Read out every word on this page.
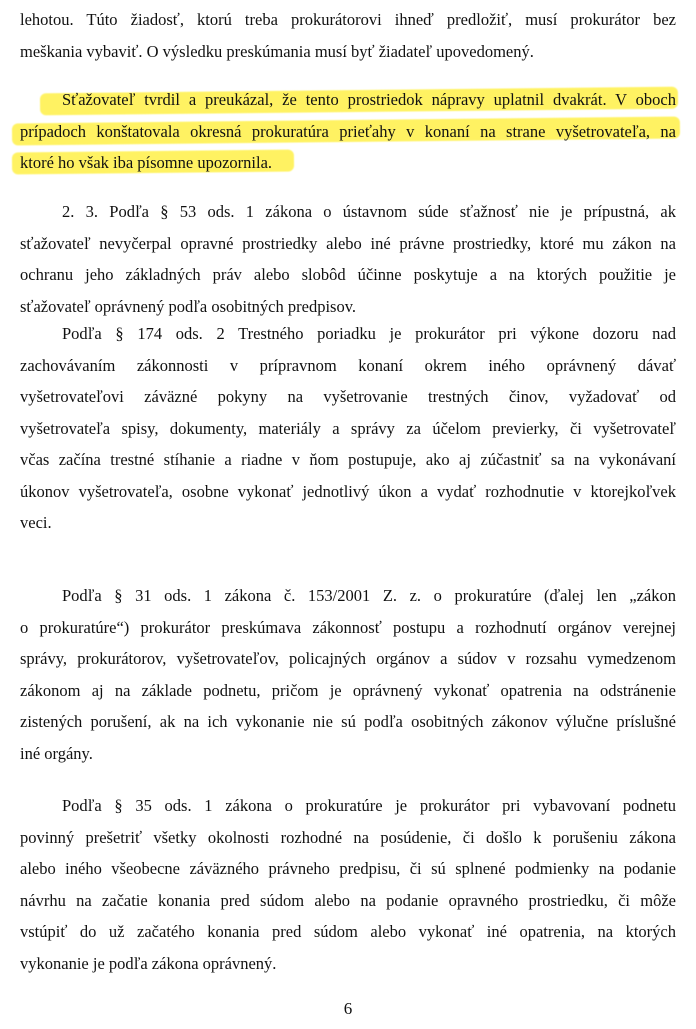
lehotou. Túto žiadosť, ktorú treba prokurátorovi ihneď predložiť, musí prokurátor bez
meškania vybaviť. O výsledku preskúmania musí byť žiadateľ upovedomený.

Sťažovateľ tvrdil a preukázal, že tento prostriedok nápravy uplatnil dvakrát. V oboch
prípadoch konštatovala okresná prokuratúra prieťahy v konaní na strane vyšetrovateľa, na
ktoré ho však iba písomne upozornila.

2. 3. Podľa § 53 ods. 1 zákona o ústavnom súde sťažnosť nie je prípustná, ak
sťažovateľ nevyčerpal opravné prostriedky alebo iné právne prostriedky, ktoré mu zákon na
ochranu jeho základných práv alebo slobôd účinne poskytuje a na ktorých použitie je
sťažovateľ oprávnený podľa osobitných predpisov.

Podľa § 174 ods. 2 Trestného poriadku je prokurátor pri výkone dozoru nad
zachovávaním zákonnosti v prípravnom konaní okrem iného oprávnený dávať
vyšetrovateľovi záväzné pokyny na vyšetrovanie trestných činov, vyžadovať od
vyšetrovateľa spisy, dokumenty, materiály a správy za účelom previerky, či vyšetrovateľ
včas začína trestné stíhanie a riadne v ňom postupuje, ako aj zúčastniť sa na vykonávaní
úkonov vyšetrovateľa, osobne vykonať jednotlivý úkon a vydať rozhodnutie v ktorejkoľvek
veci.

Podľa § 31 ods. 1 zákona č. 153/2001 Z. z. o prokuratúre (ďalej len „zákon
o prokuratúre“) prokurátor preskúmava zákonnosť postupu a rozhodnutí orgánov verejnej
správy, prokurátorov, vyšetrovateľov, policajných orgánov a súdov v rozsahu vymedzenom
zákonom aj na základe podnetu, pričom je oprávnený vykonať opatrenia na odstránenie
zistených porušení, ak na ich vykonanie nie sú podľa osobitných zákonov výlučne príslušné
iné orgány.

Podľa § 35 ods. 1 zákona o prokuratúre je prokurátor pri vybavovaní podnetu
povinný prešetriť všetky okolnosti rozhodné na posúdenie, či došlo k porušeniu zákona
alebo iného všeobecne záväzného právneho predpisu, či sú splnené podmienky na podanie
návrhu na začatie konania pred súdom alebo na podanie opravného prostriedku, či môže
vstúpiť do už začatého konania pred súdom alebo vykonať iné opatrenia, na ktorých
vykonanie je podľa zákona oprávnený.

6
